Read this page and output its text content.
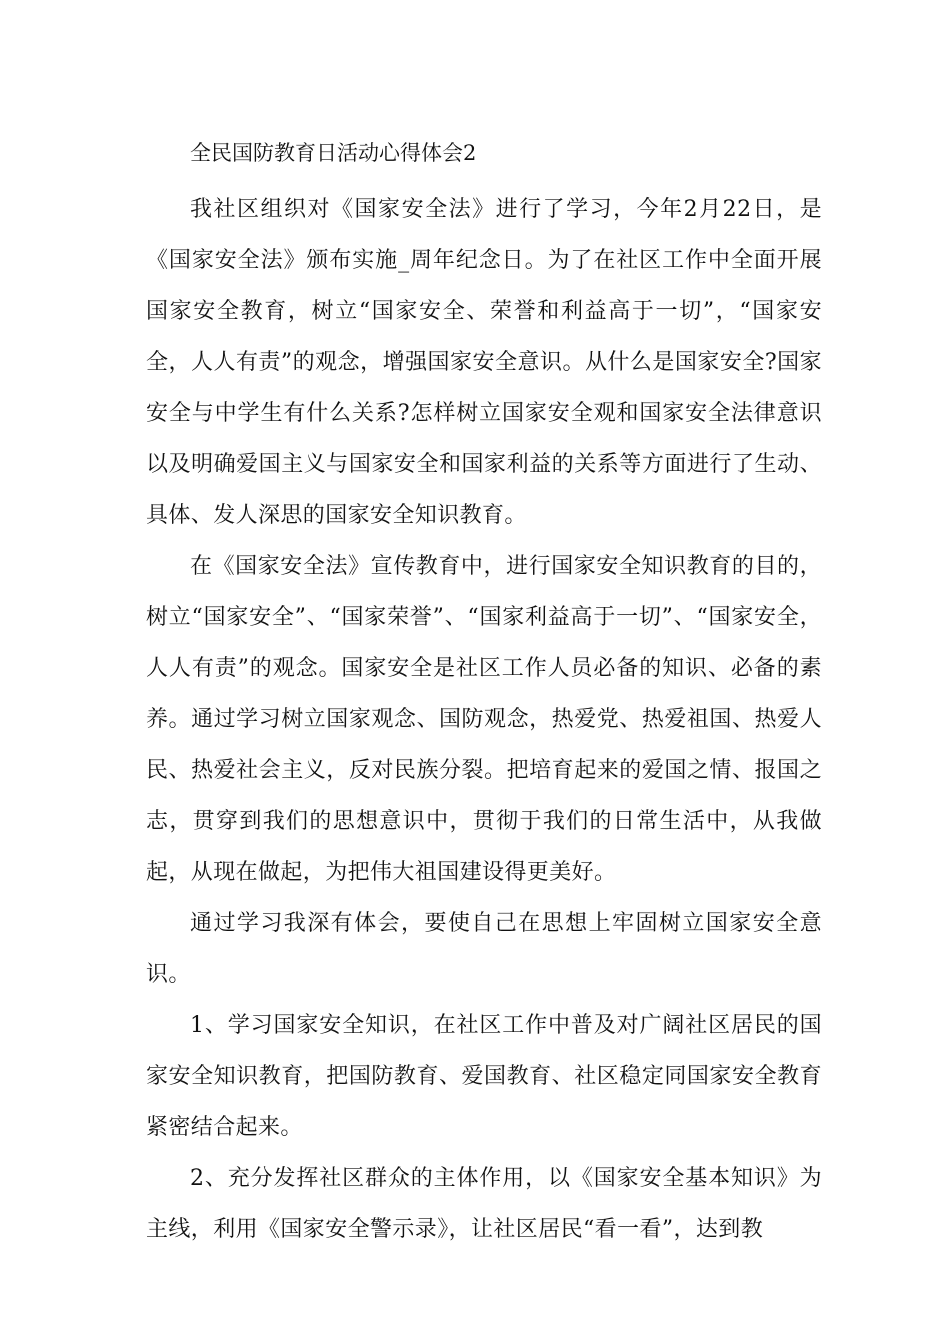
全民国防教育日活动心得体会2

我社区组织对《国家安全法》进行了学习，今年2月22日，是《国家安全法》颁布实施_周年纪念日。为了在社区工作中全面开展国家安全教育，树立“国家安全、荣誉和利益高于一切”，“国家安全，人人有责”的观念，增强国家安全意识。从什么是国家安全?国家安全与中学生有什么关系?怎样树立国家安全观和国家安全法律意识以及明确爱国主义与国家安全和国家利益的关系等方面进行了生动、具体、发人深思的国家安全知识教育。

在《国家安全法》宣传教育中，进行国家安全知识教育的目的，树立“国家安全”、“国家荣誉”、“国家利益高于一切”、“国家安全，人人有责”的观念。国家安全是社区工作人员必备的知识、必备的素养。通过学习树立国家观念、国防观念，热爱党、热爱祖国、热爱人民、热爱社会主义，反对民族分裂。把培育起来的爱国之情、报国之志，贯穿到我们的思想意识中，贯彻于我们的日常生活中，从我做起，从现在做起，为把伟大祖国建设得更美好。

通过学习我深有体会，要使自己在思想上牢固树立国家安全意识。

1、学习国家安全知识，在社区工作中普及对广阔社区居民的国家安全知识教育，把国防教育、爱国教育、社区稳定同国家安全教育紧密结合起来。

2、充分发挥社区群众的主体作用，以《国家安全基本知识》为主线，利用《国家安全警示录》，让社区居民“看一看”，达到教
